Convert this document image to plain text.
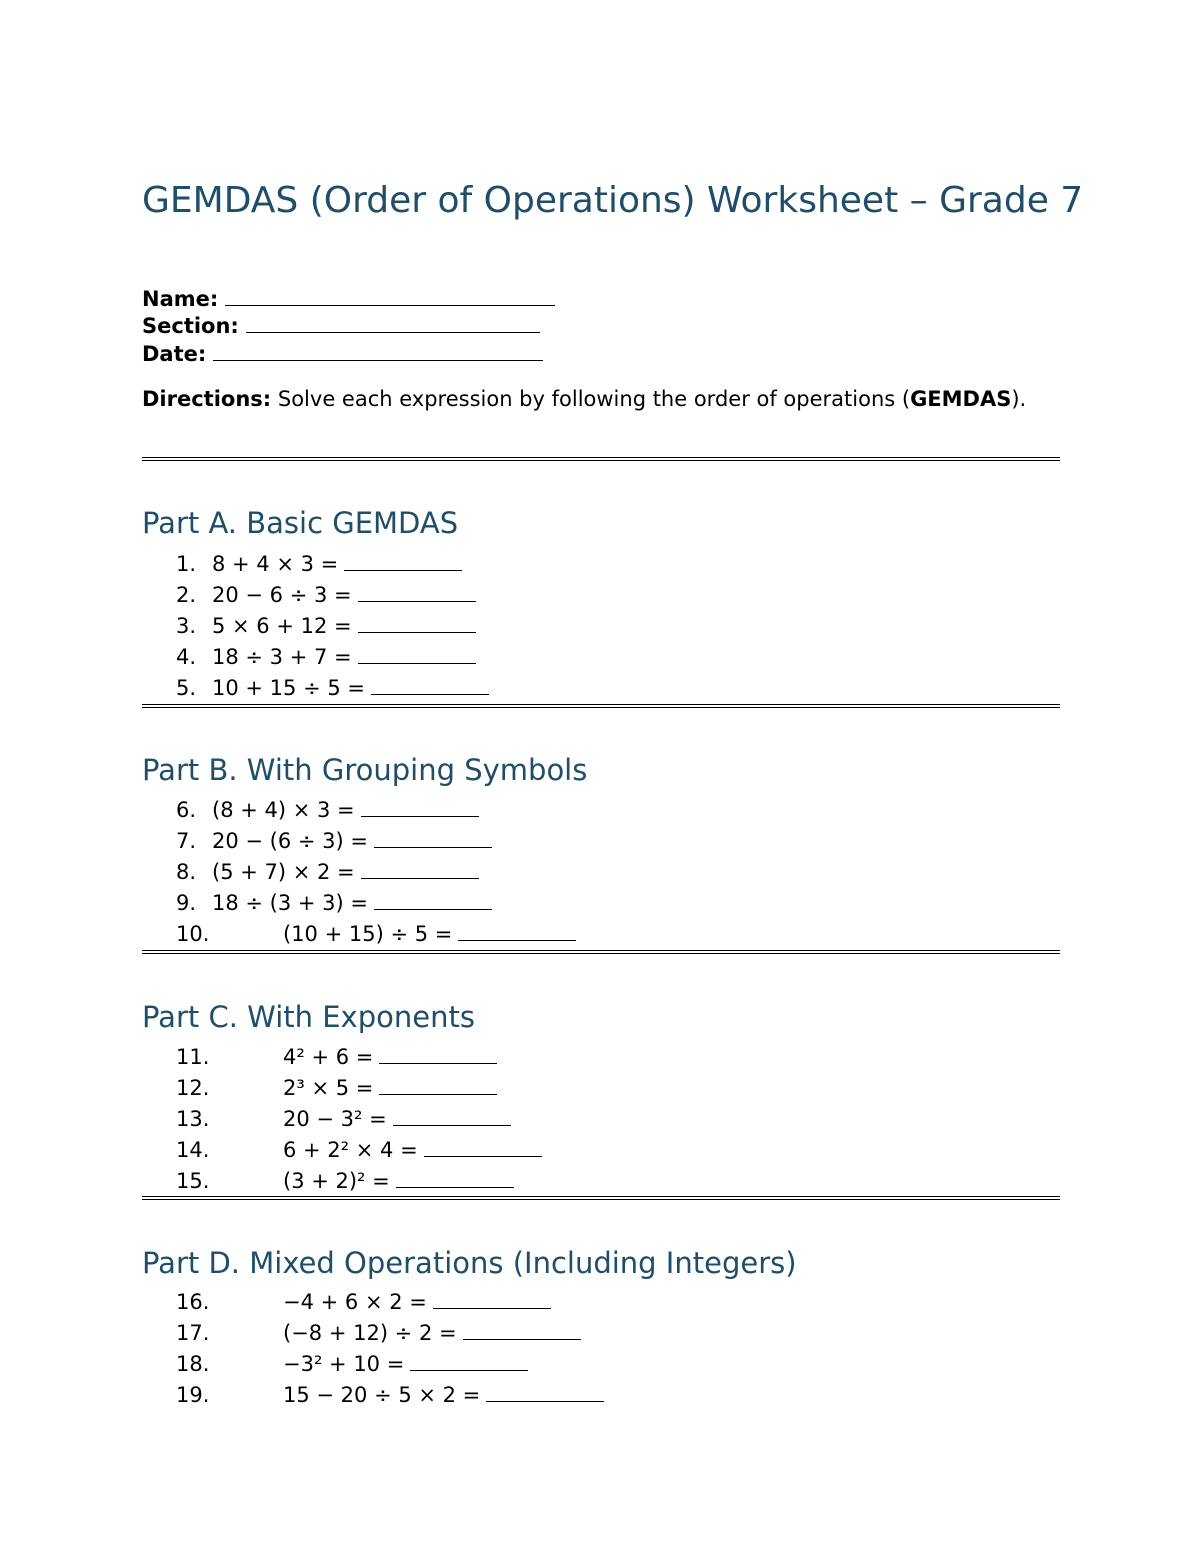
GEMDAS (Order of Operations) Worksheet – Grade 7
Name:
Section:
Date:
Directions: Solve each expression by following the order of operations (GEMDAS).
Part A. Basic GEMDAS
1. 8 + 4 × 3 =
2. 20 − 6 ÷ 3 =
3. 5 × 6 + 12 =
4. 18 ÷ 3 + 7 =
5. 10 + 15 ÷ 5 =
Part B. With Grouping Symbols
6. (8 + 4) × 3 =
7. 20 − (6 ÷ 3) =
8. (5 + 7) × 2 =
9. 18 ÷ (3 + 3) =
10.	(10 + 15) ÷ 5 =
Part C. With Exponents
11.	4² + 6 =
12.	2³ × 5 =
13.	20 − 3² =
14.	6 + 2² × 4 =
15.	(3 + 2)² =
Part D. Mixed Operations (Including Integers)
16.	−4 + 6 × 2 =
17.	(−8 + 12) ÷ 2 =
18.	−3² + 10 =
19.	15 − 20 ÷ 5 × 2 =
